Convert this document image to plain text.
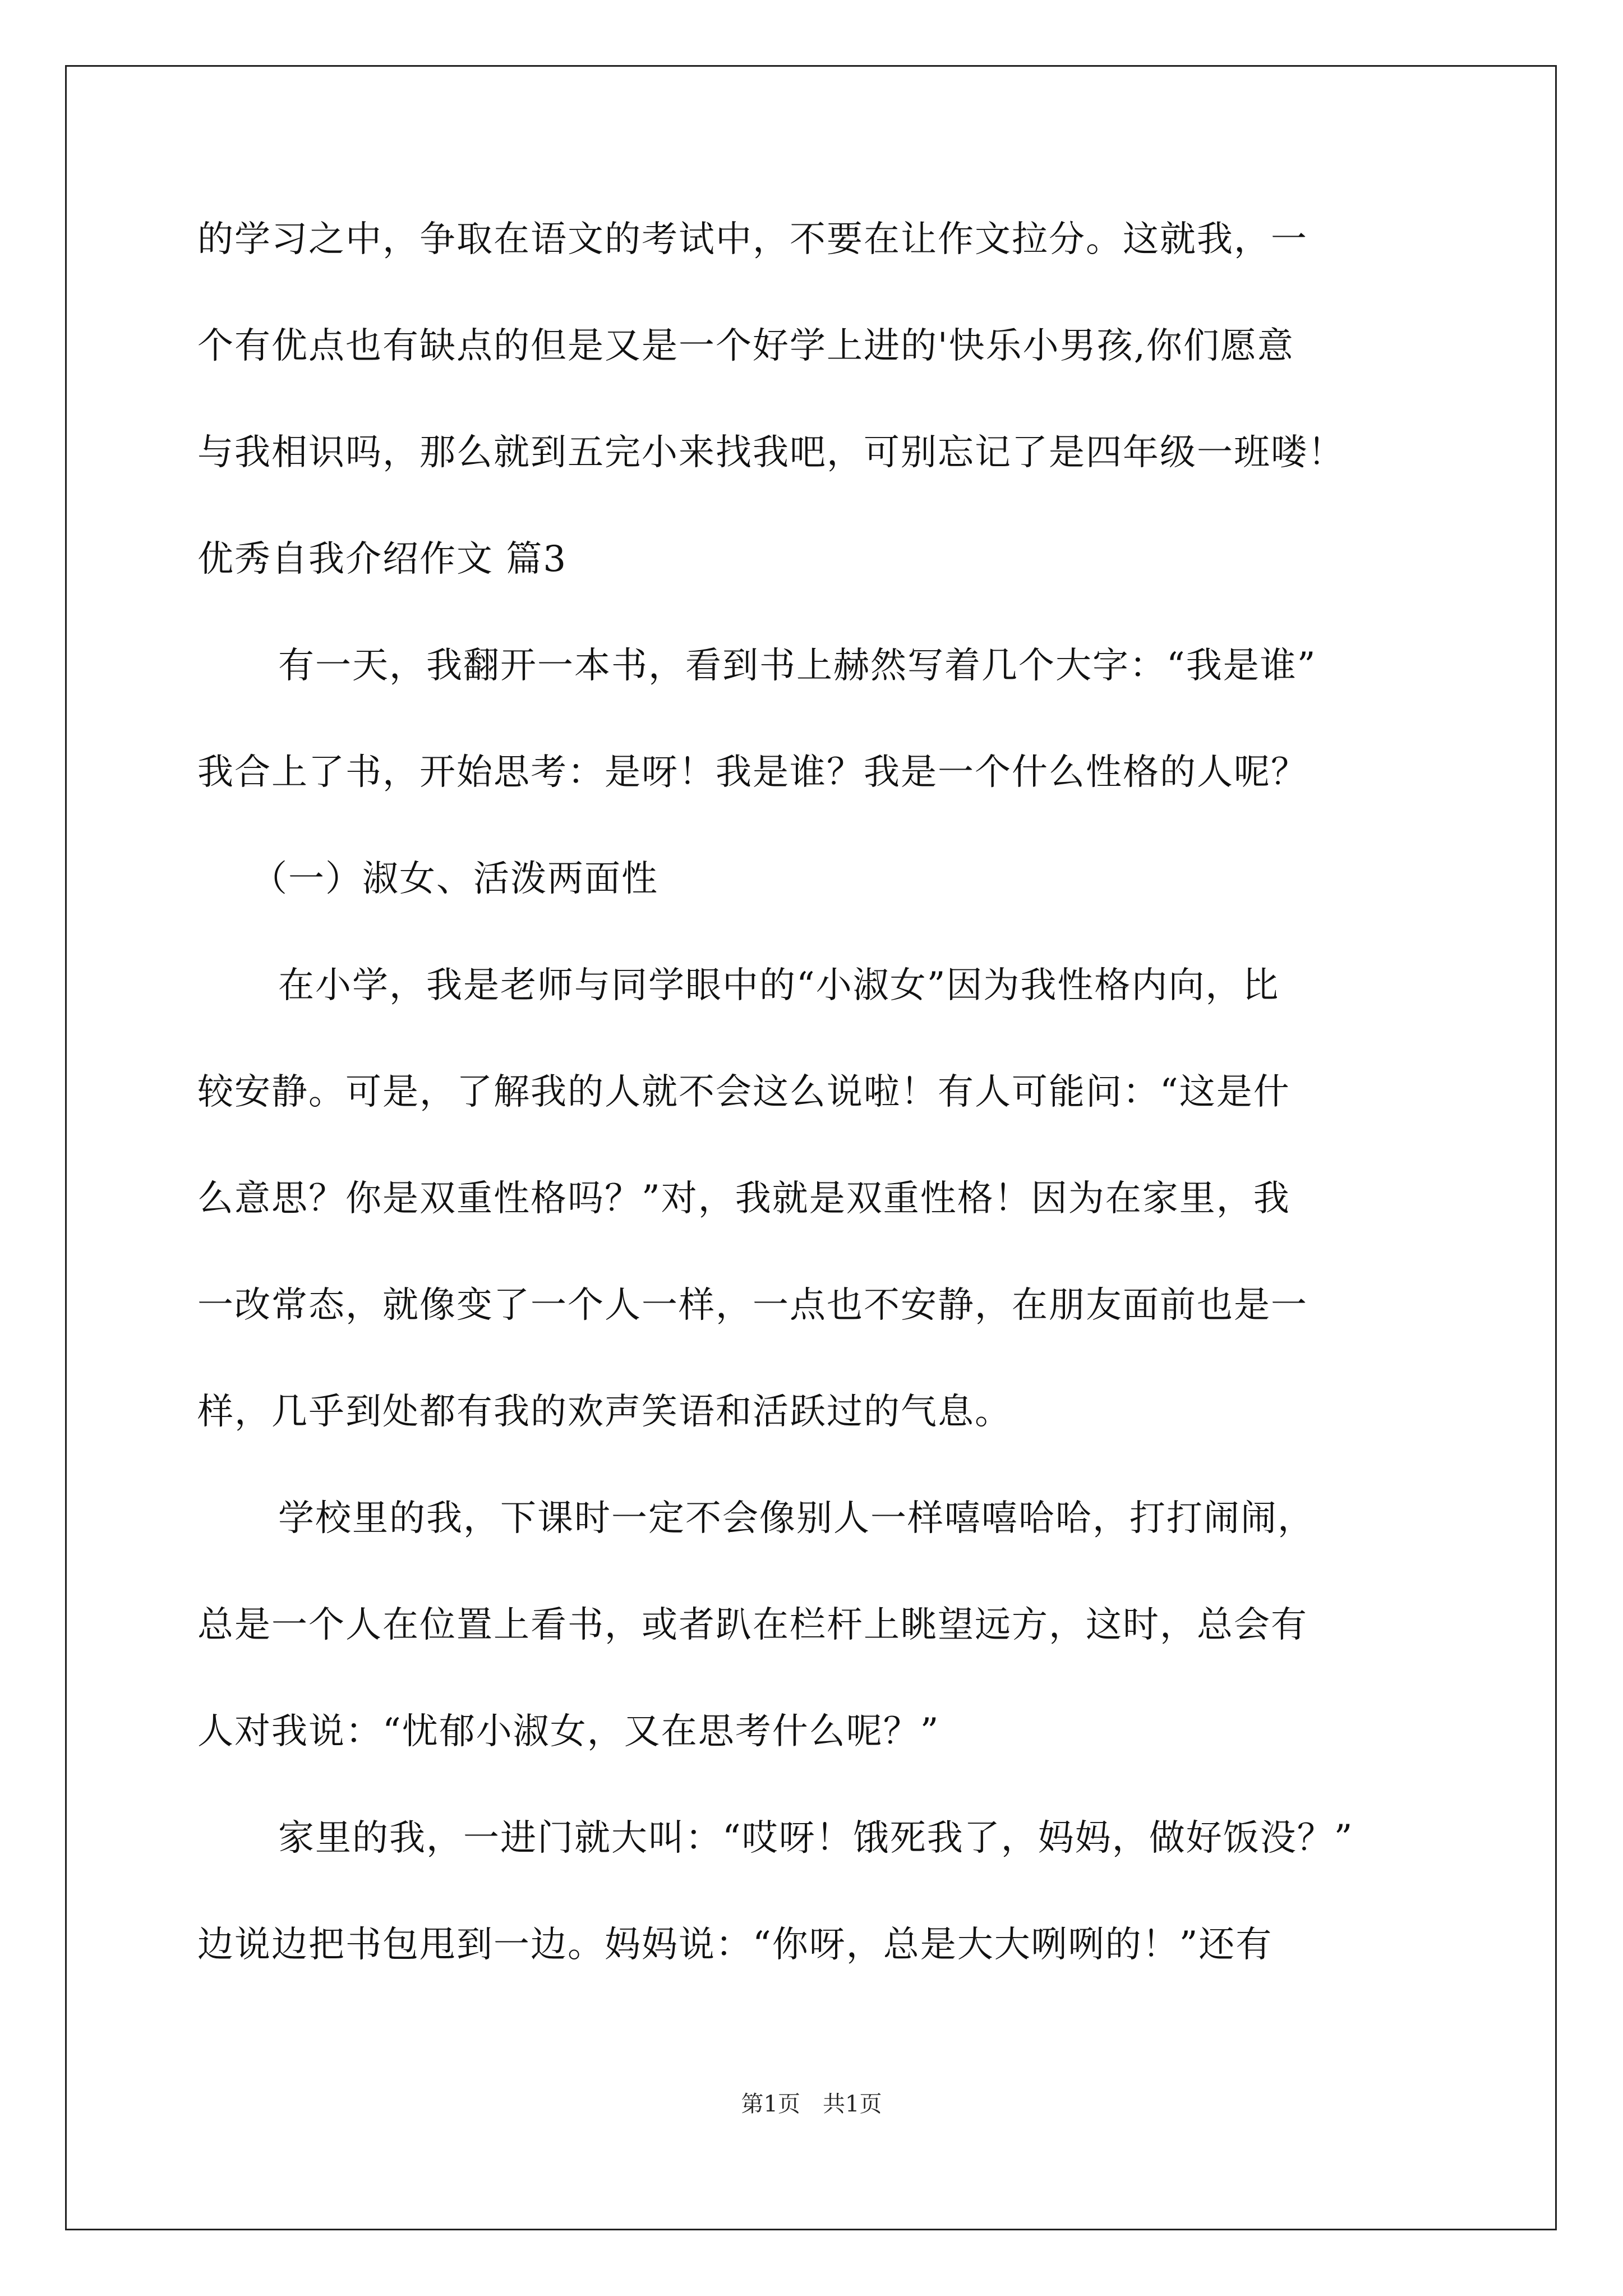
的学习之中，争取在语文的考试中，不要在让作文拉分。这就我，一
个有优点也有缺点的但是又是一个好学上进的'快乐小男孩,你们愿意
与我相识吗，那么就到五完小来找我吧，可别忘记了是四年级一班喽！
优秀自我介绍作文 篇3
有一天，我翻开一本书，看到书上赫然写着几个大字：“我是谁”
我合上了书，开始思考：是呀！我是谁？我是一个什么性格的人呢？
（一）淑女、活泼两面性
在小学，我是老师与同学眼中的“小淑女”因为我性格内向，比
较安静。可是，了解我的人就不会这么说啦！有人可能问：“这是什
么意思？你是双重性格吗？”对，我就是双重性格！因为在家里，我
一改常态，就像变了一个人一样，一点也不安静，在朋友面前也是一
样，几乎到处都有我的欢声笑语和活跃过的气息。
学校里的我，下课时一定不会像别人一样嘻嘻哈哈，打打闹闹，
总是一个人在位置上看书，或者趴在栏杆上眺望远方，这时，总会有
人对我说：“忧郁小淑女，又在思考什么呢？”
家里的我，一进门就大叫：“哎呀！饿死我了，妈妈，做好饭没？”
边说边把书包甩到一边。妈妈说：“你呀，总是大大咧咧的！”还有
第1页　共1页
